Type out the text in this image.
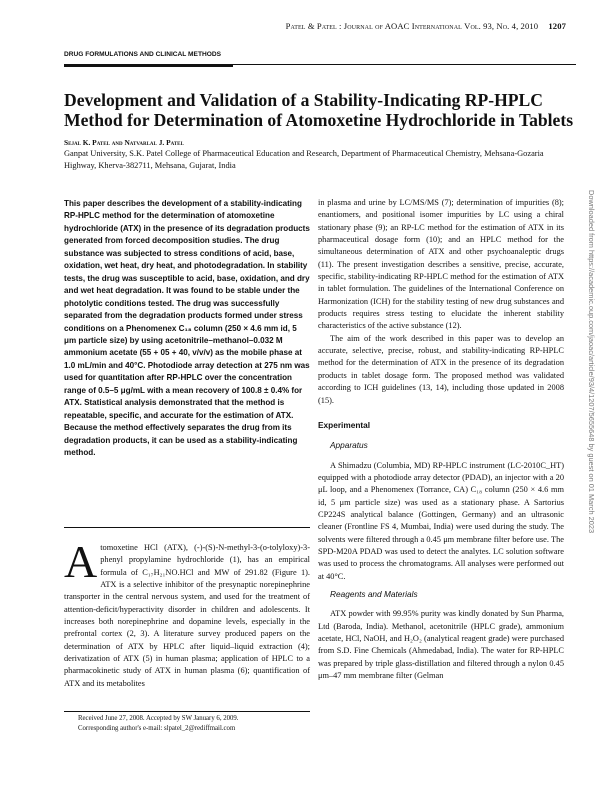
Patel & Patel : Journal of AOAC International Vol. 93, No. 4, 2010 1207
DRUG FORMULATIONS AND CLINICAL METHODS
Development and Validation of a Stability-Indicating RP-HPLC Method for Determination of Atomoxetine Hydrochloride in Tablets
Sejal K. Patel and Natvarlal J. Patel
Ganpat University, S.K. Patel College of Pharmaceutical Education and Research, Department of Pharmaceutical Chemistry, Mehsana-Gozaria Highway, Kherva-382711, Mehsana, Gujarat, India

This paper describes the development of a stability-indicating RP-HPLC method for the determination of atomoxetine hydrochloride (ATX) in the presence of its degradation products generated from forced decomposition studies. The drug substance was subjected to stress conditions of acid, base, oxidation, wet heat, dry heat, and photodegradation. In stability tests, the drug was susceptible to acid, base, oxidation, and dry and wet heat degradation. It was found to be stable under the photolytic conditions tested. The drug was successfully separated from the degradation products formed under stress conditions on a Phenomenex C₁₈ column (250 × 4.6 mm id, 5 μm particle size) by using acetonitrile–methanol–0.032 M ammonium acetate (55 + 05 + 40, v/v/v) as the mobile phase at 1.0 mL/min and 40°C. Photodiode array detection at 275 nm was used for quantitation after RP-HPLC over the concentration range of 0.5–5 μg/mL with a mean recovery of 100.8 ± 0.4% for ATX. Statistical analysis demonstrated that the method is repeatable, specific, and accurate for the estimation of ATX. Because the method effectively separates the drug from its degradation products, it can be used as a stability-indicating method.

Atomoxetine HCl (ATX), (-)-(S)-N-methyl-3-(o-tolyloxy)-3-phenyl propylamine hydrochloride (1), has an empirical formula of C₁₇H₂₁NO.HCl and MW of 291.82 (Figure 1). ATX is a selective inhibitor of the presynaptic norepinephrine transporter in the central nervous system, and used for the treatment of attention-deficit/hyperactivity disorder in children and adolescents. It increases both norepinephrine and dopamine levels, especially in the prefrontal cortex (2, 3). A literature survey produced papers on the determination of ATX by HPLC after liquid–liquid extraction (4); derivatization of ATX (5) in human plasma; application of HPLC to a pharmacokinetic study of ATX in human plasma (6); quantification of ATX and its metabolites

Received June 27, 2008. Accepted by SW January 6, 2009.
Corresponding author's e-mail: slpatel_2@rediffmail.com

in plasma and urine by LC/MS/MS (7); determination of impurities (8); enantiomers, and positional isomer impurities by LC using a chiral stationary phase (9); an RP-LC method for the estimation of ATX in its pharmaceutical dosage form (10); and an HPLC method for the simultaneous determination of ATX and other psychoanaleptic drugs (11). The present investigation describes a sensitive, precise, accurate, specific, stability-indicating RP-HPLC method for the estimation of ATX in tablet formulation. The guidelines of the International Conference on Harmonization (ICH) for the stability testing of new drug substances and products requires stress testing to elucidate the inherent stability characteristics of the active substance (12).

The aim of the work described in this paper was to develop an accurate, selective, precise, robust, and stability-indicating RP-HPLC method for the determination of ATX in the presence of its degradation products in tablet dosage form. The proposed method was validated according to ICH guidelines (13, 14), including those updated in 2008 (15).

Experimental
Apparatus

A Shimadzu (Columbia, MD) RP-HPLC instrument (LC-2010C_HT) equipped with a photodiode array detector (PDAD), an injector with a 20 μL loop, and a Phenomenex (Torrance, CA) C₁₈ column (250 × 4.6 mm id, 5 μm particle size) was used as a stationary phase. A Sartorius CP224S analytical balance (Gottingen, Germany) and an ultrasonic cleaner (Frontline FS 4, Mumbai, India) were used during the study. The solvents were filtered through a 0.45 μm membrane filter before use. The SPD-M20A PDAD was used to detect the analytes. LC solution software was used to process the chromatograms. All analyses were performed out at 40°C.

Reagents and Materials

ATX powder with 99.95% purity was kindly donated by Sun Pharma, Ltd (Baroda, India). Methanol, acetonitrile (HPLC grade), ammonium acetate, HCl, NaOH, and H₂O₂ (analytical reagent grade) were purchased from S.D. Fine Chemicals (Ahmedabad, India). The water for RP-HPLC was prepared by triple glass-distillation and filtered through a nylon 0.45 μm–47 mm membrane filter (Gelman

Downloaded from https://academic.oup.com/jaoac/article/93/4/1207/5655648 by guest on 01 March 2023
